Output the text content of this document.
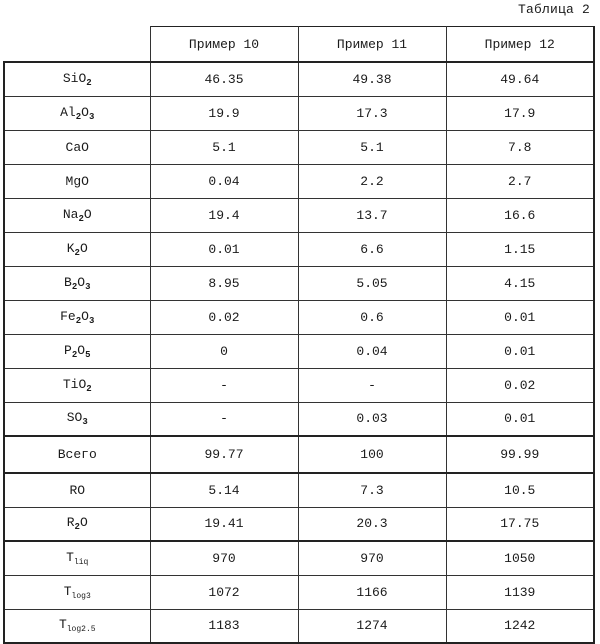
Таблица 2
	Пример 10	Пример 11	Пример 12
SiO$_2$	46.35	49.38	49.64
$Al_2O_3$	19.9	17.3	17.9
CaO	5.1	5.1	7.8
MgO	0.04	2.2	2.7
$Na_2O$	19.4	13.7	16.6
$K_2O$	0.01	6.6	1.15
$B_2O_3$	8.95	5.05	4.15
$Fe_2O_3$	0.02	0.6	0.01
$P_2O_5$	0	0.04	0.01
TiO$_2$	-	-	0.02
$SO_3$	-	0.03	0.01
Всего	99.77	100	99.99
RO	5.14	7.3	10.5
$R_2O$	19.41	20.3	17.75
$T_{liq}$	970	970	1050
$T_{log3}$	1072	1166	1139
$T_{log2.5}$	1183	1274	1242
